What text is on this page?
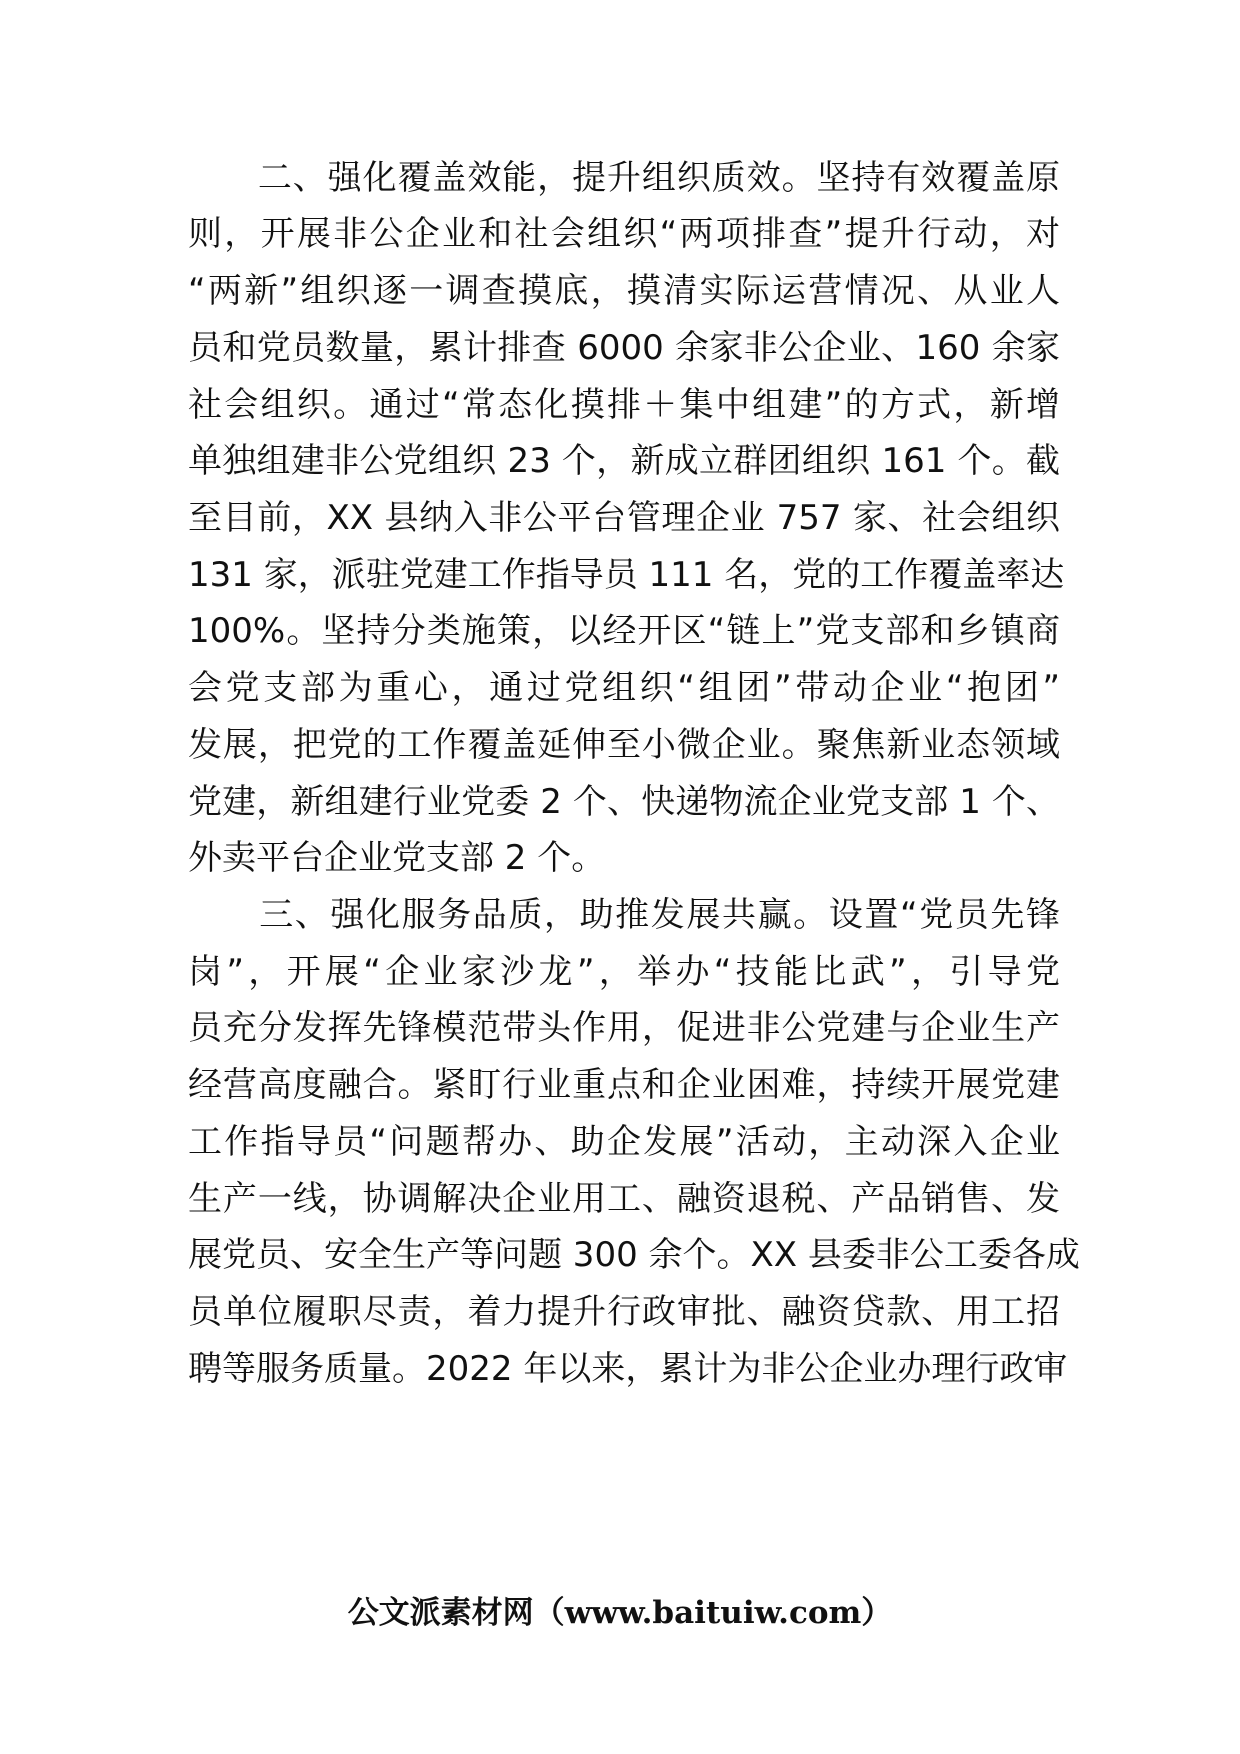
　　二、强化覆盖效能，提升组织质效。坚持有效覆盖原
则，开展非公企业和社会组织“两项排查”提升行动，对
“两新”组织逐一调查摸底，摸清实际运营情况、从业人
员和党员数量，累计排查 6000 余家非公企业、160 余家
社会组织。通过“常态化摸排＋集中组建”的方式，新增
单独组建非公党组织 23 个，新成立群团组织 161 个。截
至目前，XX 县纳入非公平台管理企业 757 家、社会组织
131 家，派驻党建工作指导员 111 名，党的工作覆盖率达
100%。坚持分类施策，以经开区“链上”党支部和乡镇商
会党支部为重心，通过党组织“组团”带动企业“抱团”
发展，把党的工作覆盖延伸至小微企业。聚焦新业态领域
党建，新组建行业党委 2 个、快递物流企业党支部 1 个、
外卖平台企业党支部 2 个。
　　三、强化服务品质，助推发展共赢。设置“党员先锋
岗”，开展“企业家沙龙”，举办“技能比武”，引导党
员充分发挥先锋模范带头作用，促进非公党建与企业生产
经营高度融合。紧盯行业重点和企业困难，持续开展党建
工作指导员“问题帮办、助企发展”活动，主动深入企业
生产一线，协调解决企业用工、融资退税、产品销售、发
展党员、安全生产等问题 300 余个。XX 县委非公工委各成
员单位履职尽责，着力提升行政审批、融资贷款、用工招
聘等服务质量。2022 年以来，累计为非公企业办理行政审
公文派素材网（www.baituiw.com）
